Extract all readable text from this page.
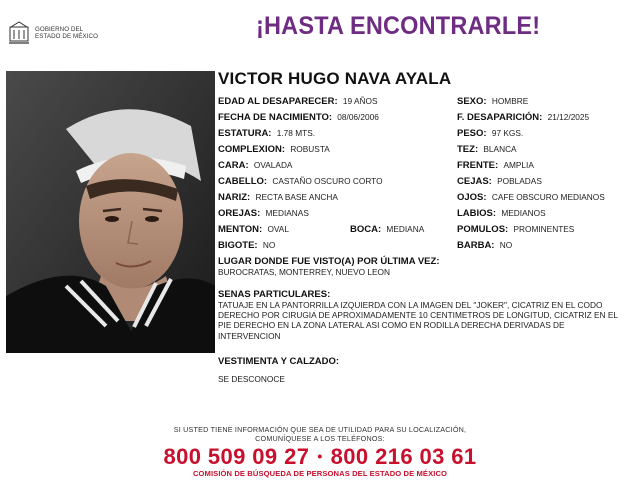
GOBIERNO DEL
ESTADO DE MÉXICO	¡HASTA ENCONTRARLE!
VICTOR HUGO NAVA AYALA
EDAD AL DESAPARECER: 19 AÑOS
FECHA DE NACIMIENTO: 08/06/2006
ESTATURA: 1.78 MTS.
COMPLEXION: ROBUSTA
CARA: OVALADA
CABELLO: CASTAÑO OSCURO CORTO
NARIZ: RECTA BASE ANCHA
OREJAS: MEDIANAS
MENTON: OVAL	BOCA: MEDIANA
BIGOTE: NO
SEXO: HOMBRE
F. DESAPARICIÓN: 21/12/2025
PESO: 97 KGS.
TEZ: BLANCA
FRENTE: AMPLIA
CEJAS: POBLADAS
OJOS: CAFE OBSCURO MEDIANOS
LABIOS: MEDIANOS
POMULOS: PROMINENTES
BARBA: NO
LUGAR DONDE FUE VISTO(A) POR ÚLTIMA VEZ:
BUROCRATAS, MONTERREY, NUEVO LEON
SENAS PARTICULARES:
TATUAJE EN LA PANTORRILLA IZQUIERDA CON LA IMAGEN DEL "JOKER", CICATRIZ EN EL CODO DERECHO POR CIRUGIA DE APROXIMADAMENTE 10 CENTIMETROS DE LONGITUD, CICATRIZ EN EL PIE DERECHO EN LA ZONA LATERAL ASI COMO EN RODILLA DERECHA DERIVADAS DE INTERVENCION
VESTIMENTA Y CALZADO:
SE DESCONOCE
SI USTED TIENE INFORMACIÓN QUE SEA DE UTILIDAD PARA SU LOCALIZACIÓN,
COMUNÍQUESE A LOS TELÉFONOS:
800 509 09 27 • 800 216 03 61
COMISIÓN DE BÚSQUEDA DE PERSONAS DEL ESTADO DE MÉXICO
